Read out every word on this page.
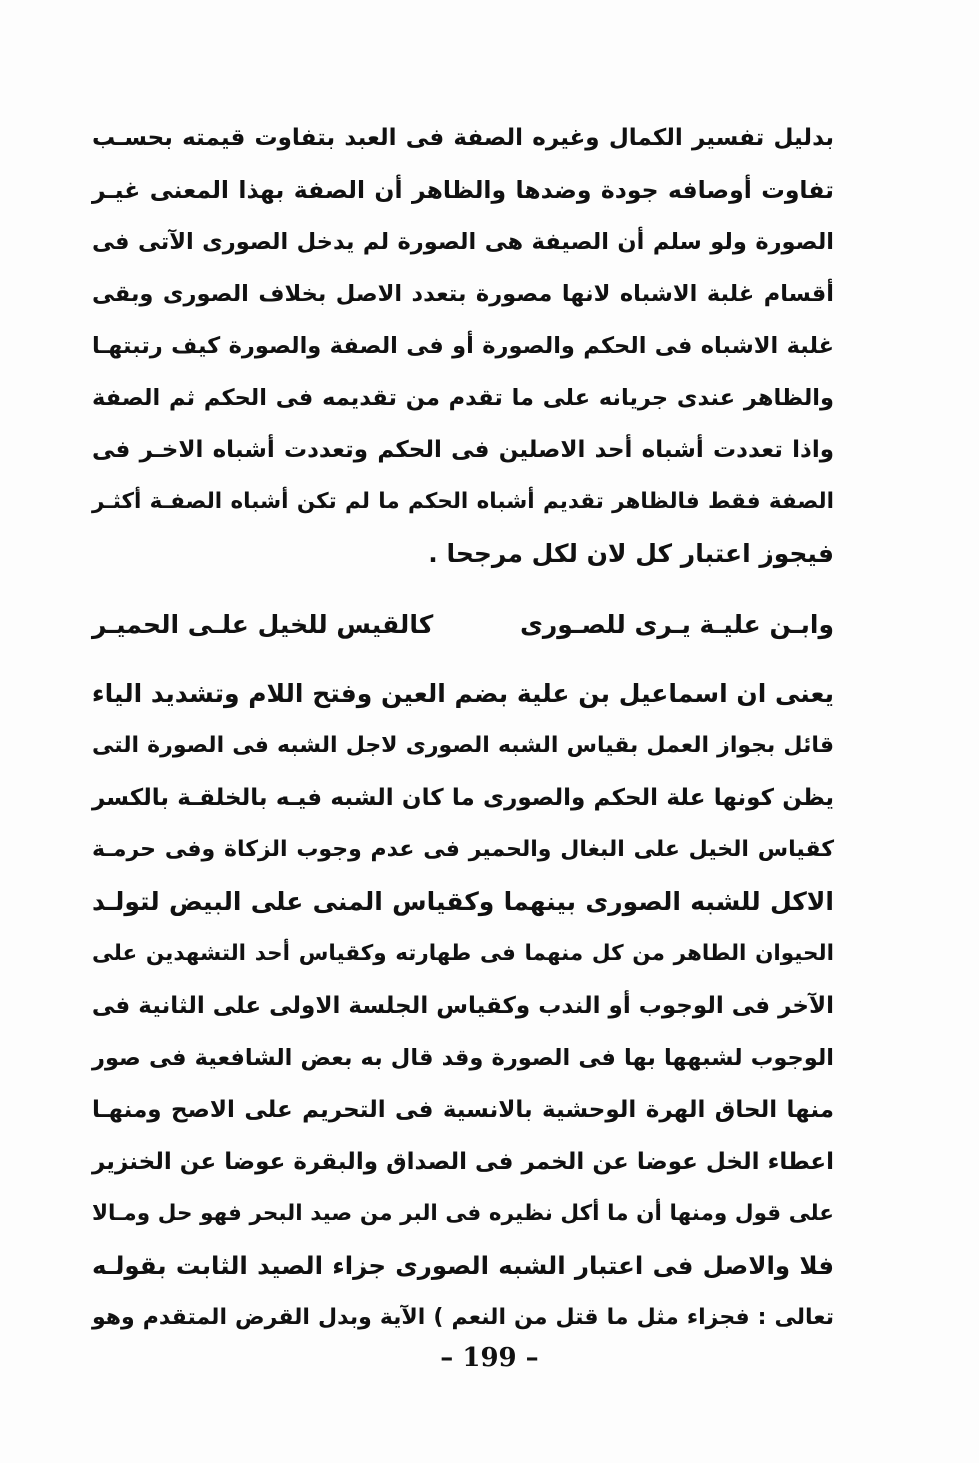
بدليل تفسير الكمال وغيره الصفة فى العبد بتفاوت قيمته بحسـب
تفاوت أوصافه جودة وضدها والظاهر أن الصفة بهذا المعنى غيـر
الصورة ولو سلم أن الصيفة هى الصورة لم يدخل الصورى الآتى فى
أقسام غلبة الاشباه لانها مصورة بتعدد الاصل بخلاف الصورى وبقى
غلبة الاشباه فى الحكم والصورة أو فى الصفة والصورة كيف رتبتهـا
والظاهر عندى جريانه على ما تقدم من تقديمه فى الحكم ثم الصفة
واذا تعددت أشباه أحد الاصلين فى الحكم وتعددت أشباه الاخـر فى
الصفة فقط فالظاهر تقديم أشباه الحكم ما لم تكن أشباه الصفـة أكثـر
فيجوز اعتبار كل لان لكل مرجحا .
وابـن عليـة يـرى للصـورى
كالقيس للخيل علـى الحميـر
يعنى ان اسماعيل بن علية بضم العين وفتح اللام وتشديد الياء
قائل بجواز العمل بقياس الشبه الصورى لاجل الشبه فى الصورة التى
يظن كونها علة الحكم والصورى ما كان الشبه فيـه بالخلقـة بالكسر
كقياس الخيل على البغال والحمير فى عدم وجوب الزكاة وفى حرمـة
الاكل للشبه الصورى بينهما وكقياس المنى على البيض لتولـد
الحيوان الطاهر من كل منهما فى طهارته وكقياس أحد التشهدين على
الآخر فى الوجوب أو الندب وكقياس الجلسة الاولى على الثانية فى
الوجوب لشبهها بها فى الصورة وقد قال به بعض الشافعية فى صور
منها الحاق الهرة الوحشية بالانسية فى التحريم على الاصح ومنهـا
اعطاء الخل عوضا عن الخمر فى الصداق والبقرة عوضا عن الخنزير
على قول ومنها أن ما أكل نظيره فى البر من صيد البحر فهو حل ومـالا
فلا والاصل فى اعتبار الشبه الصورى جزاء الصيد الثابت بقولـه
تعالى : فجزاء مثل ما قتل من النعم ) الآية وبدل القرض المتقدم وهو
– 199 –
